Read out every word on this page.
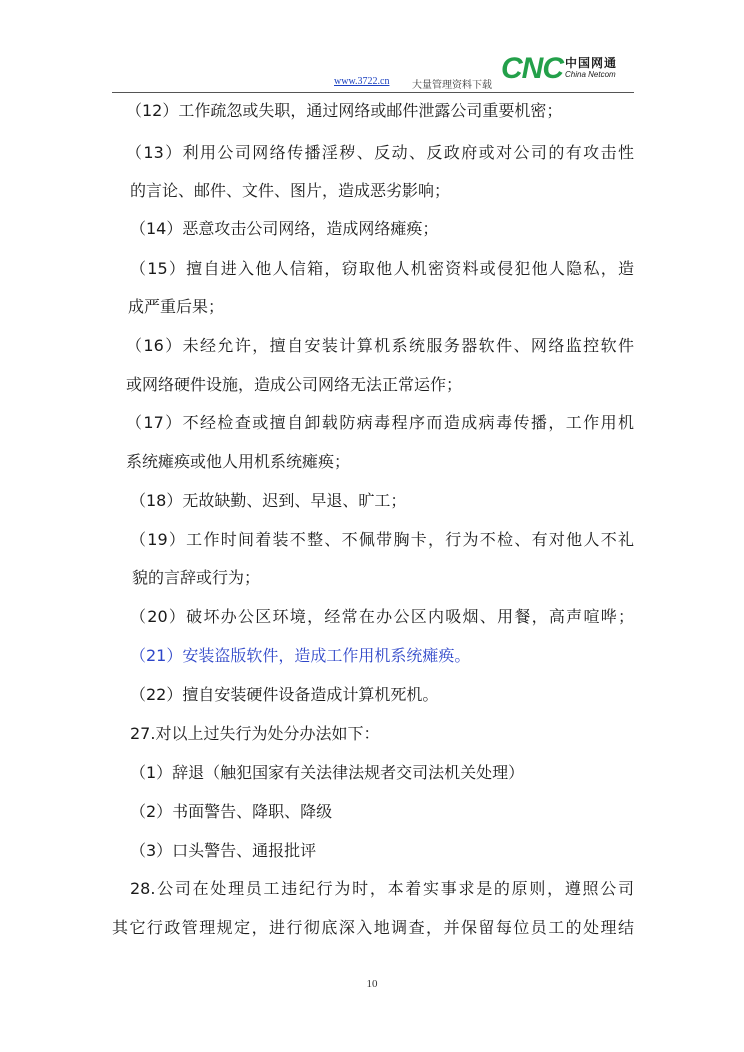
www.3722.cn 大量管理资料下载
CNC 中国网通
China Netcom
（12）工作疏忽或失职，通过网络或邮件泄露公司重要机密；
（13）利用公司网络传播淫秽、反动、反政府或对公司的有攻击性
的言论、邮件、文件、图片，造成恶劣影响；
（14）恶意攻击公司网络，造成网络瘫痪；
（15）擅自进入他人信箱，窃取他人机密资料或侵犯他人隐私，造
成严重后果；
（16）未经允许，擅自安装计算机系统服务器软件、网络监控软件
或网络硬件设施，造成公司网络无法正常运作；
（17）不经检查或擅自卸载防病毒程序而造成病毒传播，工作用机
系统瘫痪或他人用机系统瘫痪；
（18）无故缺勤、迟到、早退、旷工；
（19）工作时间着装不整、不佩带胸卡，行为不检、有对他人不礼
貌的言辞或行为；
（20）破坏办公区环境，经常在办公区内吸烟、用餐，高声喧哗；
（21）安装盗版软件，造成工作用机系统瘫痪。
（22）擅自安装硬件设备造成计算机死机。
27.对以上过失行为处分办法如下：
（1）辞退（触犯国家有关法律法规者交司法机关处理）
（2）书面警告、降职、降级
（3）口头警告、通报批评
28.公司在处理员工违纪行为时，本着实事求是的原则，遵照公司
其它行政管理规定，进行彻底深入地调查，并保留每位员工的处理结
10
